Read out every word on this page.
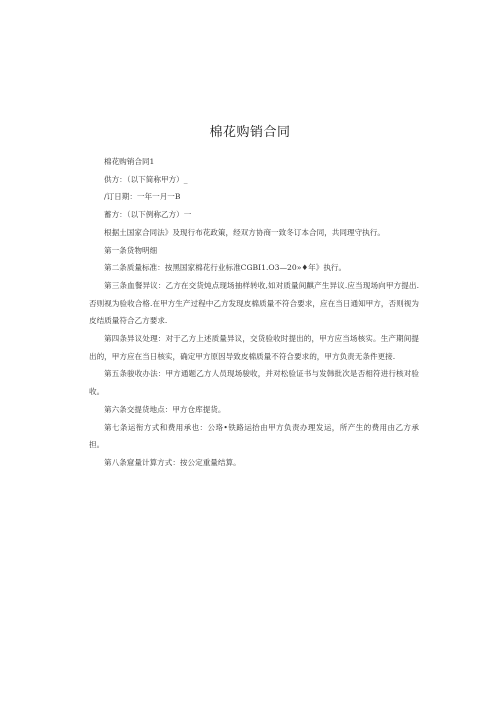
棉花购销合同
棉花购销合同1
供方：（以下简称甲方）_
/订日期：一年一月一B
蓄方：（以下例称乙方）一
根据土国家合同法》及现行布花政策，经双方协商一致冬订本合同，共同理守执行。
第一条货物明细
第二条质量标准：按黑国家棉花行业标准CGBI1.O3—20»♦年》执行。
第三条血餐异议：乙方在交货炖点现场抽样转收,如对质量间麒产生异议.应当现场向甲方提出.否则视为验收合格.在甲方生产过程中乙方发现皮棉质量不符合要求，应在当日通知甲方，否则视为皮结质量符合乙方要求.
第四条异议处理：对于乙方上述质量异议，交货验收时提出的，甲方应当场核实。生产期间提出的，甲方应在当日核实，确定甲方原因导致皮棉质量不符合要求的，甲方负责无条件更接.
第五条骏收办法：甲方通题乙方人员现场骏收，并对松验证书与发韩批次是否相符进行核对验收。
第六条交提货地点：甲方仓库提货。
第七条运衔方式和费用承也：公珞•铁路运抬由甲方负责办理发运，所产生的费用由乙方承担。
第八条窟量计算方式：按公定重量结算。
